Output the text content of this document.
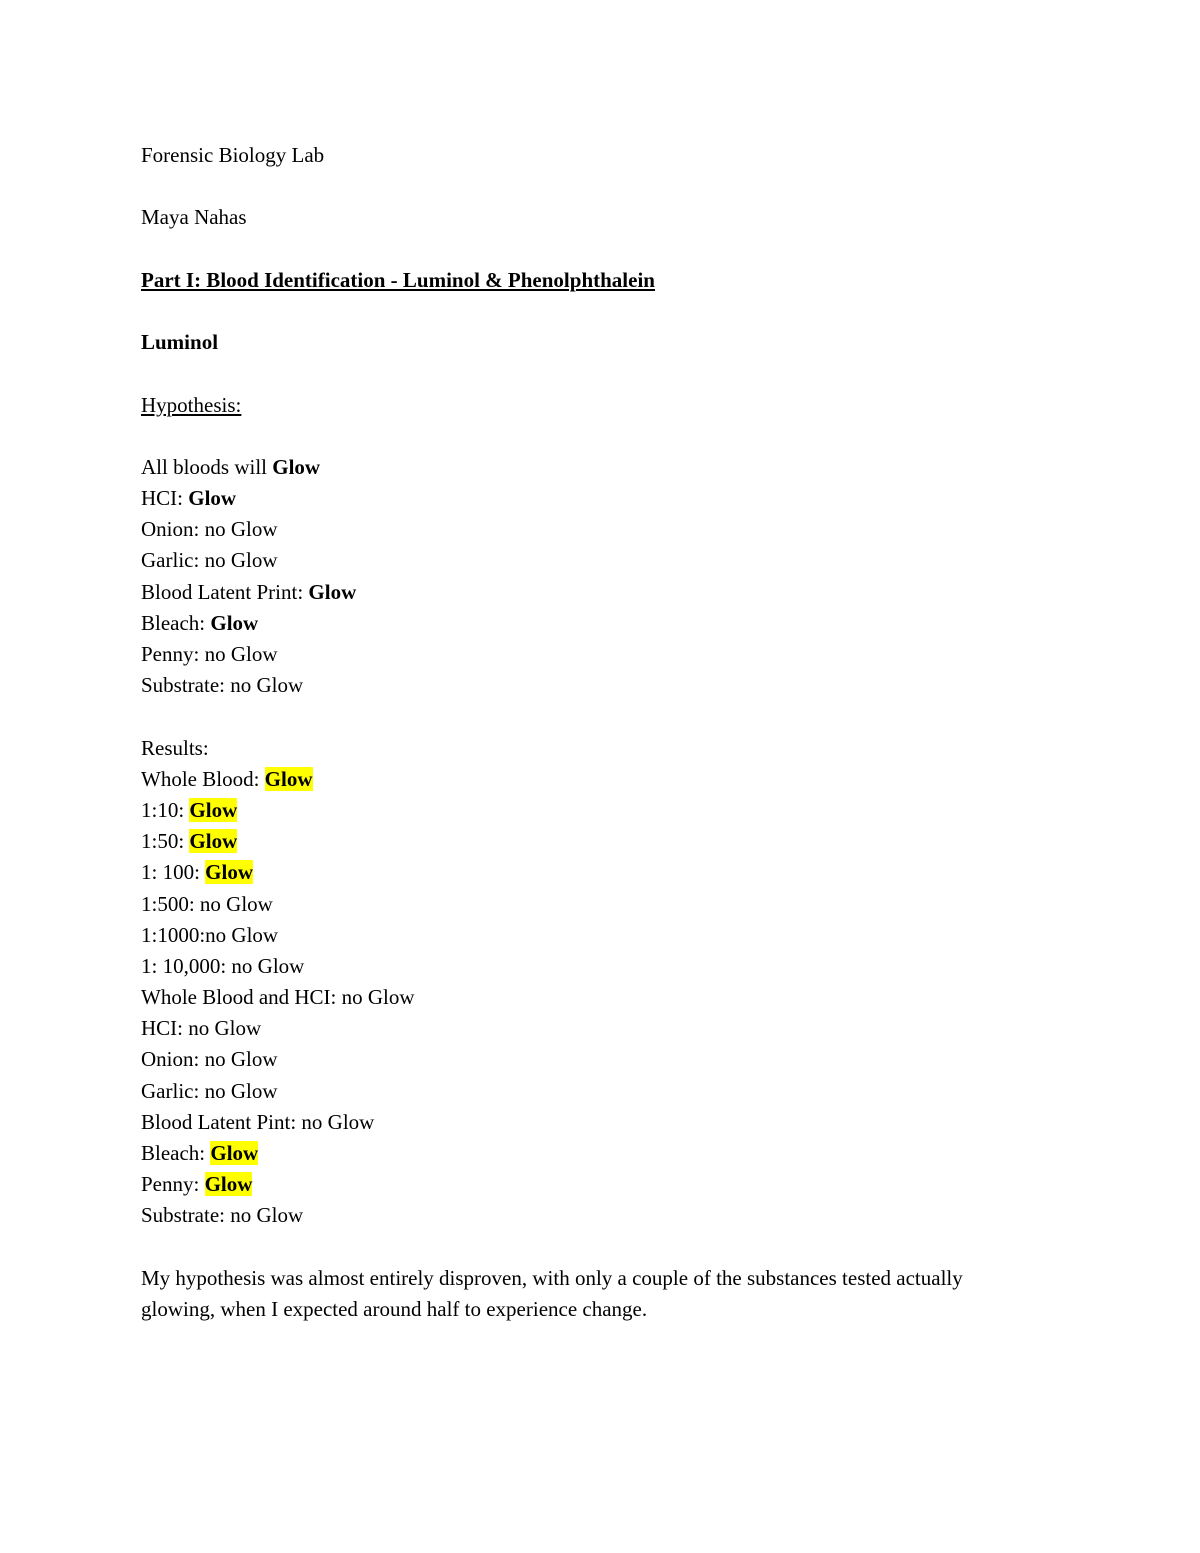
Forensic Biology Lab
Maya Nahas
Part I: Blood Identification - Luminol & Phenolphthalein
Luminol
Hypothesis:
All bloods will Glow
HCI: Glow
Onion: no Glow
Garlic: no Glow
Blood Latent Print: Glow
Bleach: Glow
Penny: no Glow
Substrate: no Glow
Results:
Whole Blood: Glow
1:10: Glow
1:50: Glow
1: 100: Glow
1:500: no Glow
1:1000:no Glow
1: 10,000: no Glow
Whole Blood and HCI: no Glow
HCI: no Glow
Onion: no Glow
Garlic: no Glow
Blood Latent Pint: no Glow
Bleach: Glow
Penny: Glow
Substrate: no Glow
My hypothesis was almost entirely disproven, with only a couple of the substances tested actually glowing, when I expected around half to experience change.
